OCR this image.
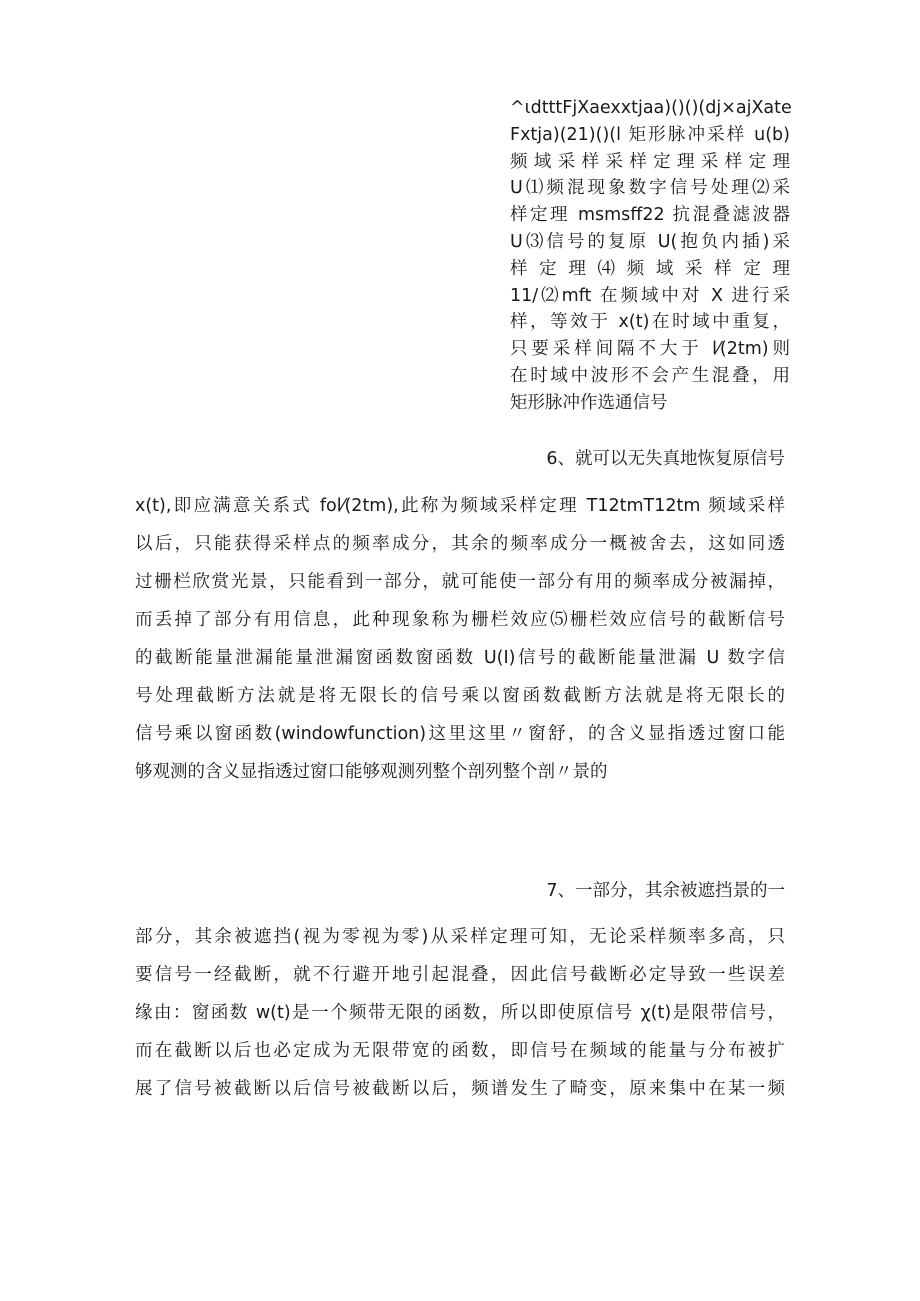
^ɩdtttFjXaexxtjaa)()()(dj×ajXate
Fxtja)(21)()(l 矩形脉冲采样 u(b)
频域采样采样定理采样定理
U⑴频混现象数字信号处理⑵采
样定理 msmsff22 抗混叠滤波器
U⑶信号的复原 U(抱负内插)采
样定理⑷频域采样定理
11/⑵mft 在频域中对 X 进行采
样，等效于 x(t)在时域中重复，
只要采样间隔不大于 l⁄(2tm)则
在时域中波形不会产生混叠，用
矩形脉冲作选通信号
6、就可以无失真地恢复原信号
x(t),即应满意关系式 fol⁄(2tm),此称为频域采样定理 T12tmT12tm 频域采样
以后，只能获得采样点的频率成分，其余的频率成分一概被舍去，这如同透
过栅栏欣赏光景，只能看到一部分，就可能使一部分有用的频率成分被漏掉，
而丢掉了部分有用信息，此种现象称为栅栏效应⑸栅栏效应信号的截断信号
的截断能量泄漏能量泄漏窗函数窗函数 U(I)信号的截断能量泄漏 U 数字信
号处理截断方法就是将无限长的信号乘以窗函数截断方法就是将无限长的
信号乘以窗函数(windowfunction)这里这里〃窗舒，的含义显指透过窗口能
够观测的含义显指透过窗口能够观测列整个剖列整个剖〃景的
7、一部分，其余被遮挡景的一
部分，其余被遮挡(视为零视为零)从采样定理可知，无论采样频率多高，只
要信号一经截断，就不行避开地引起混叠，因此信号截断必定导致一些误差
缘由：窗函数 w(t)是一个频带无限的函数，所以即使原信号 χ(t)是限带信号，
而在截断以后也必定成为无限带宽的函数，即信号在频域的能量与分布被扩
展了信号被截断以后信号被截断以后，频谱发生了畸变，原来集中在某一频
